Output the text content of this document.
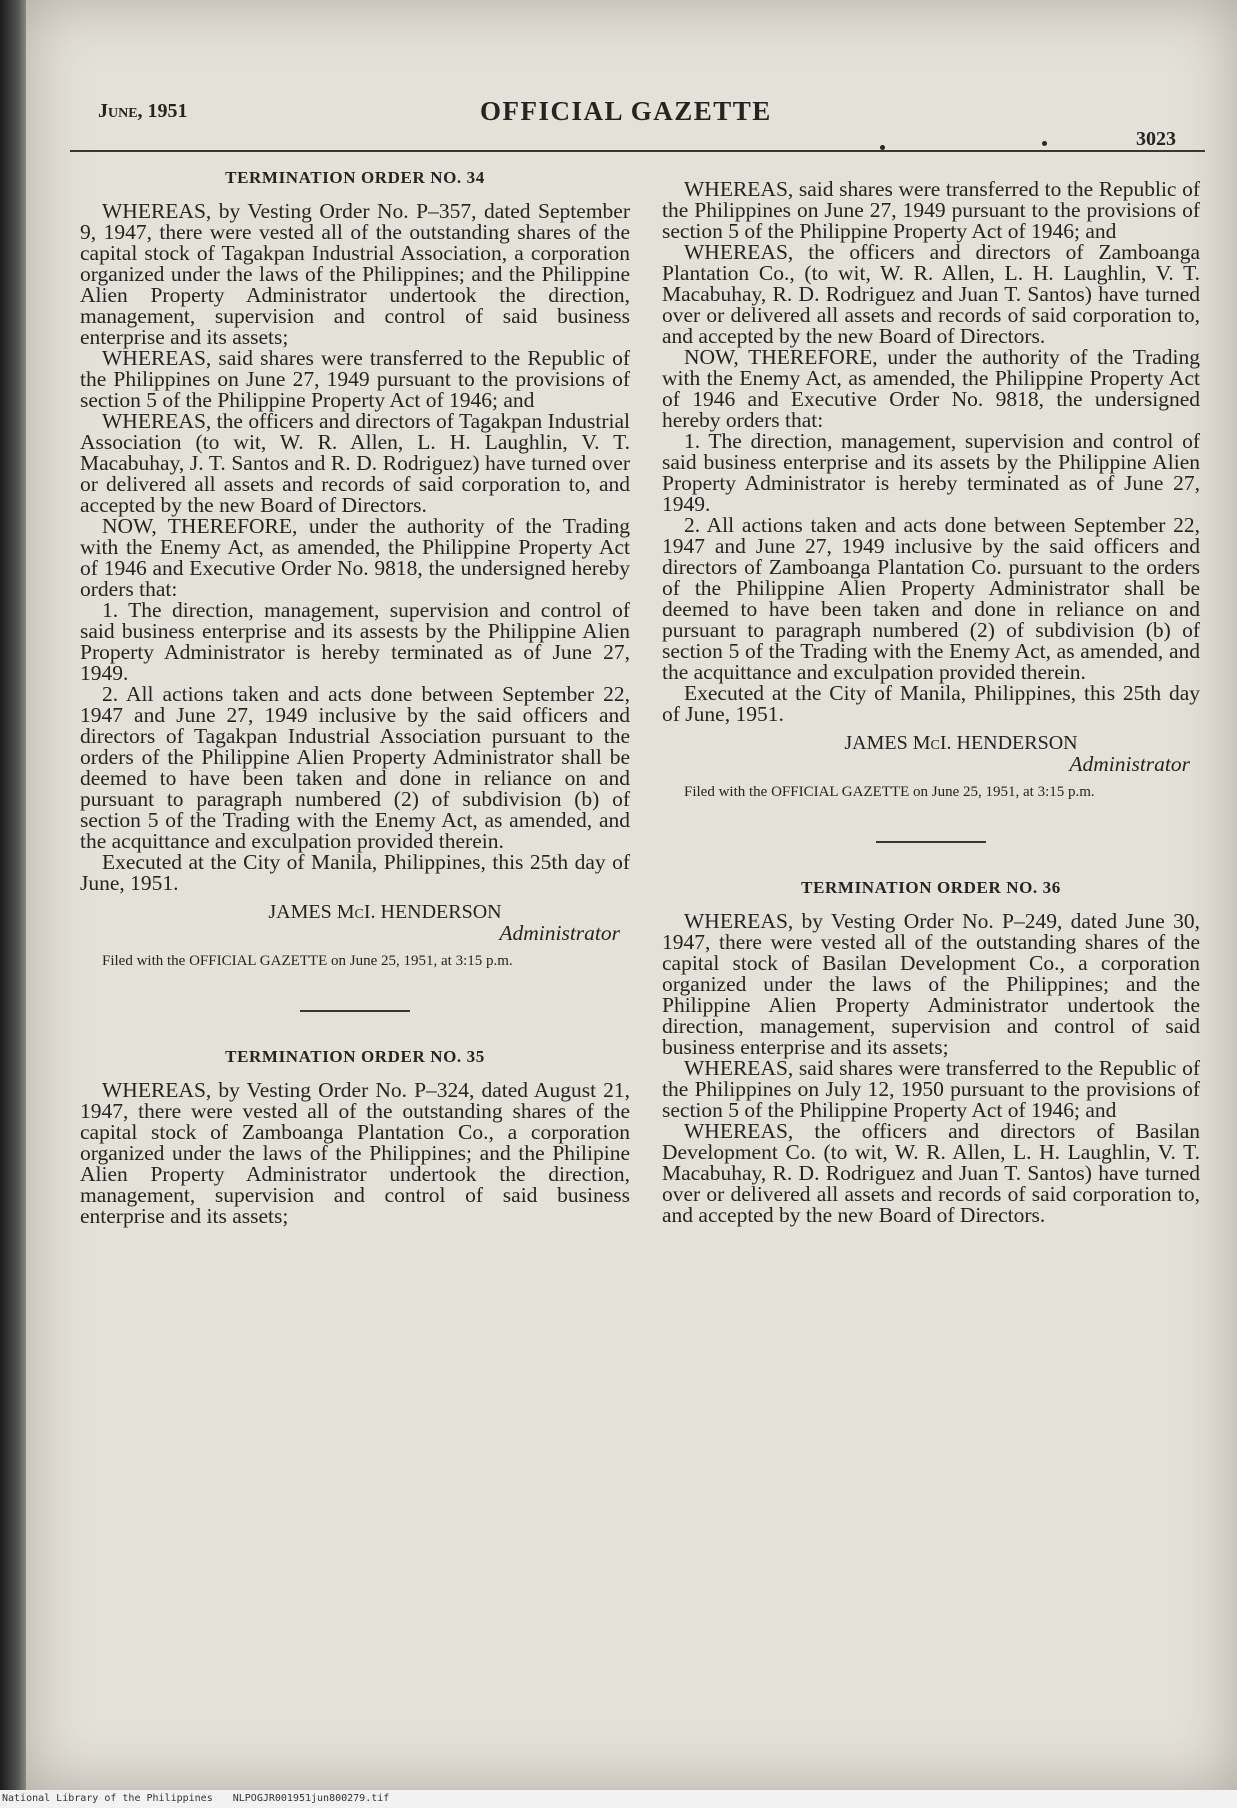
June, 1951	OFFICIAL GAZETTE
3023
TERMINATION ORDER NO. 34

WHEREAS, by Vesting Order No. P–357, dated September 9, 1947, there were vested all of the outstanding shares of the capital stock of Tagakpan Industrial Association, a corporation organized under the laws of the Philippines; and the Philippine Alien Property Administrator undertook the direction, management, supervision and control of said business enterprise and its assets;

WHEREAS, said shares were transferred to the Republic of the Philippines on June 27, 1949 pursuant to the provisions of section 5 of the Philippine Property Act of 1946; and

WHEREAS, the officers and directors of Tagakpan Industrial Association (to wit, W. R. Allen, L. H. Laughlin, V. T. Macabuhay, J. T. Santos and R. D. Rodriguez) have turned over or delivered all assets and records of said corporation to, and accepted by the new Board of Directors.

NOW, THEREFORE, under the authority of the Trading with the Enemy Act, as amended, the Philippine Property Act of 1946 and Executive Order No. 9818, the undersigned hereby orders that:

1. The direction, management, supervision and control of said business enterprise and its assests by the Philippine Alien Property Administrator is hereby terminated as of June 27, 1949.

2. All actions taken and acts done between September 22, 1947 and June 27, 1949 inclusive by the said officers and directors of Tagakpan Industrial Association pursuant to the orders of the Philippine Alien Property Administrator shall be deemed to have been taken and done in reliance on and pursuant to paragraph numbered (2) of subdivision (b) of section 5 of the Trading with the Enemy Act, as amended, and the acquittance and exculpation provided therein.

Executed at the City of Manila, Philippines, this 25th day of June, 1951.

JAMES McI. HENDERSON
Administrator
Filed with the OFFICIAL GAZETTE on June 25, 1951, at 3:15 p.m.
TERMINATION ORDER NO. 35

WHEREAS, by Vesting Order No. P–324, dated August 21, 1947, there were vested all of the outstanding shares of the capital stock of Zamboanga Plantation Co., a corporation organized under the laws of the Philippines; and the Philipine Alien Property Administrator undertook the direction, management, supervision and control of said business enterprise and its assets;

WHEREAS, said shares were transferred to the Republic of the Philippines on June 27, 1949 pursuant to the provisions of section 5 of the Philippine Property Act of 1946; and

WHEREAS, the officers and directors of Zamboanga Plantation Co., (to wit, W. R. Allen, L. H. Laughlin, V. T. Macabuhay, R. D. Rodriguez and Juan T. Santos) have turned over or delivered all assets and records of said corporation to, and accepted by the new Board of Directors.

NOW, THEREFORE, under the authority of the Trading with the Enemy Act, as amended, the Philippine Property Act of 1946 and Executive Order No. 9818, the undersigned hereby orders that:

1. The direction, management, supervision and control of said business enterprise and its assets by the Philippine Alien Property Administrator is hereby terminated as of June 27, 1949.

2. All actions taken and acts done between September 22, 1947 and June 27, 1949 inclusive by the said officers and directors of Zamboanga Plantation Co. pursuant to the orders of the Philippine Alien Property Administrator shall be deemed to have been taken and done in reliance on and pursuant to paragraph numbered (2) of subdivision (b) of section 5 of the Trading with the Enemy Act, as amended, and the acquittance and exculpation provided therein.

Executed at the City of Manila, Philippines, this 25th day of June, 1951.

JAMES McI. HENDERSON
Administrator
Filed with the OFFICIAL GAZETTE on June 25, 1951, at 3:15 p.m.
TERMINATION ORDER NO. 36

WHEREAS, by Vesting Order No. P–249, dated June 30, 1947, there were vested all of the outstanding shares of the capital stock of Basilan Development Co., a corporation organized under the laws of the Philippines; and the Philippine Alien Property Administrator undertook the direction, management, supervision and control of said business enterprise and its assets;

WHEREAS, said shares were transferred to the Republic of the Philippines on July 12, 1950 pursuant to the provisions of section 5 of the Philippine Property Act of 1946; and

WHEREAS, the officers and directors of Basilan Development Co. (to wit, W. R. Allen, L. H. Laughlin, V. T. Macabuhay, R. D. Rodriguez and Juan T. Santos) have turned over or delivered all assets and records of said corporation to, and accepted by the new Board of Directors.

National Library of the Philippines NLPOGJR001951jun800279.tif
